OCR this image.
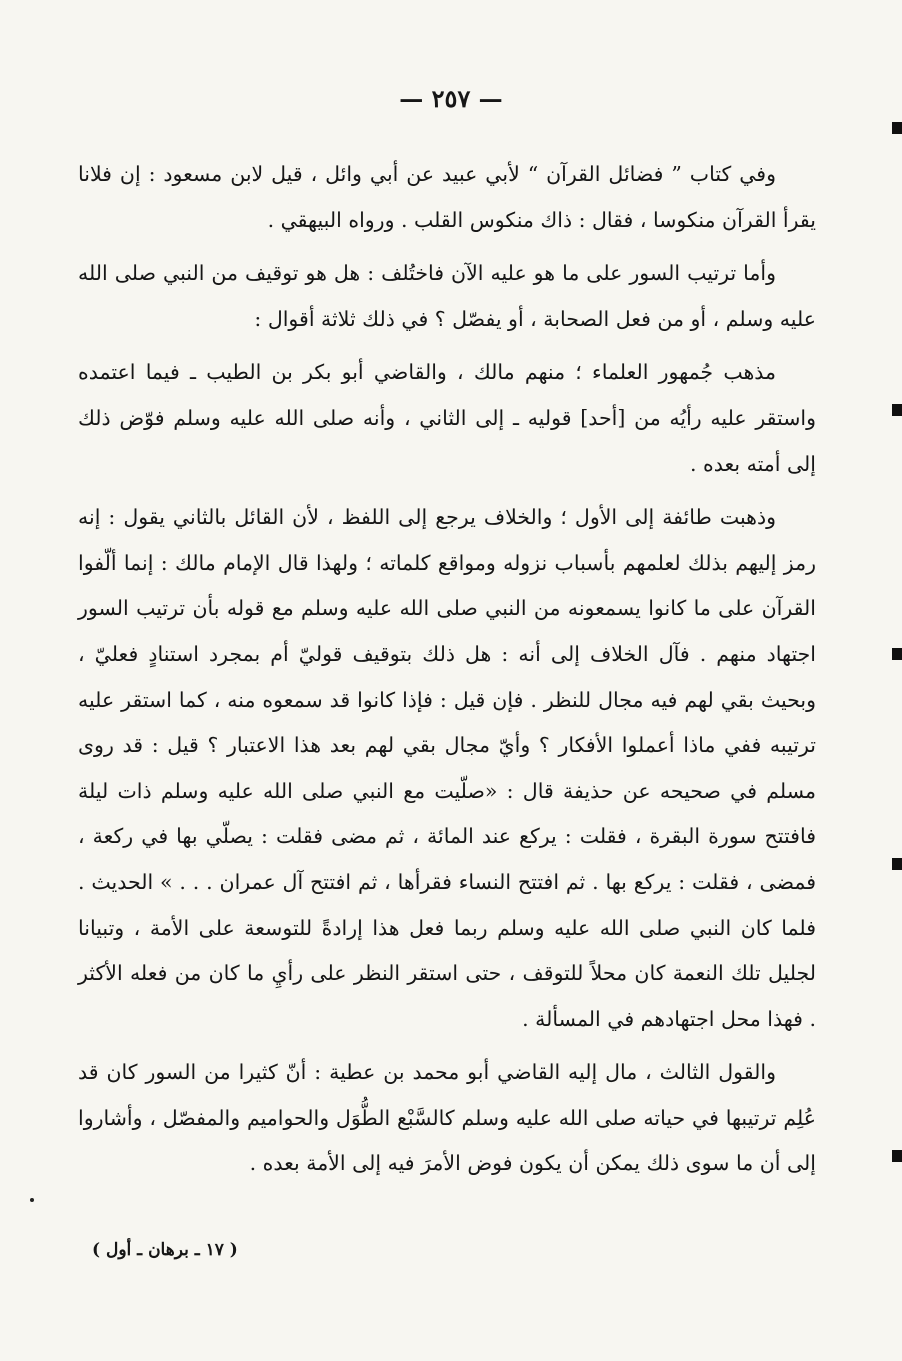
— ٢٥٧ —

وفي كتاب ” فضائل القرآن “ لأبي عبيد عن أبي وائل ، قيل لابن مسعود : إن فلانا يقرأ القرآن منكوسا ، فقال : ذاك منكوس القلب . ورواه البيهقي .

وأما ترتيب السور على ما هو عليه الآن فاختُلف : هل هو توقيف من النبي صلى الله عليه وسلم ، أو من فعل الصحابة ، أو يفصّل ؟ في ذلك ثلاثة أقوال :

مذهب جُمهور العلماء ؛ منهم مالك ، والقاضي أبو بكر بن الطيب ـ فيما اعتمده واستقر عليه رأيُه من [أحد] قوليه ـ إلى الثاني ، وأنه صلى الله عليه وسلم فوّض ذلك إلى أمته بعده .

وذهبت طائفة إلى الأول ؛ والخلاف يرجع إلى اللفظ ، لأن القائل بالثاني يقول : إنه رمز إليهم بذلك لعلمهم بأسباب نزوله ومواقع كلماته ؛ ولهذا قال الإمام مالك : إنما ألّفوا القرآن على ما كانوا يسمعونه من النبي صلى الله عليه وسلم مع قوله بأن ترتيب السور اجتهاد منهم . فآل الخلاف إلى أنه : هل ذلك بتوقيف قوليّ أم بمجرد استنادٍ فعليّ ، وبحيث بقي لهم فيه مجال للنظر . فإن قيل : فإذا كانوا قد سمعوه منه ، كما استقر عليه ترتيبه ففي ماذا أعملوا الأفكار ؟ وأيّ مجال بقي لهم بعد هذا الاعتبار ؟ قيل : قد روى مسلم في صحيحه عن حذيفة قال : «صلّيت مع النبي صلى الله عليه وسلم ذات ليلة فافتتح سورة البقرة ، فقلت : يركع عند المائة ، ثم مضى فقلت : يصلّي بها في ركعة ، فمضى ، فقلت : يركع بها . ثم افتتح النساء فقرأها ، ثم افتتح آل عمران . . . » الحديث . فلما كان النبي صلى الله عليه وسلم ربما فعل هذا إرادةً للتوسعة على الأمة ، وتبيانا لجليل تلك النعمة كان محلاً للتوقف ، حتى استقر النظر على رأيِ ما كان من فعله الأكثر . فهذا محل اجتهادهم في المسألة .

والقول الثالث ، مال إليه القاضي أبو محمد بن عطية : أنّ كثيرا من السور كان قد عُلِم ترتيبها في حياته صلى الله عليه وسلم كالسَّبْع الطُّوَل والحواميم والمفصّل ، وأشاروا إلى أن ما سوى ذلك يمكن أن يكون فوض الأمرَ فيه إلى الأمة بعده .

( ١٧ ـ برهان ـ أول )
